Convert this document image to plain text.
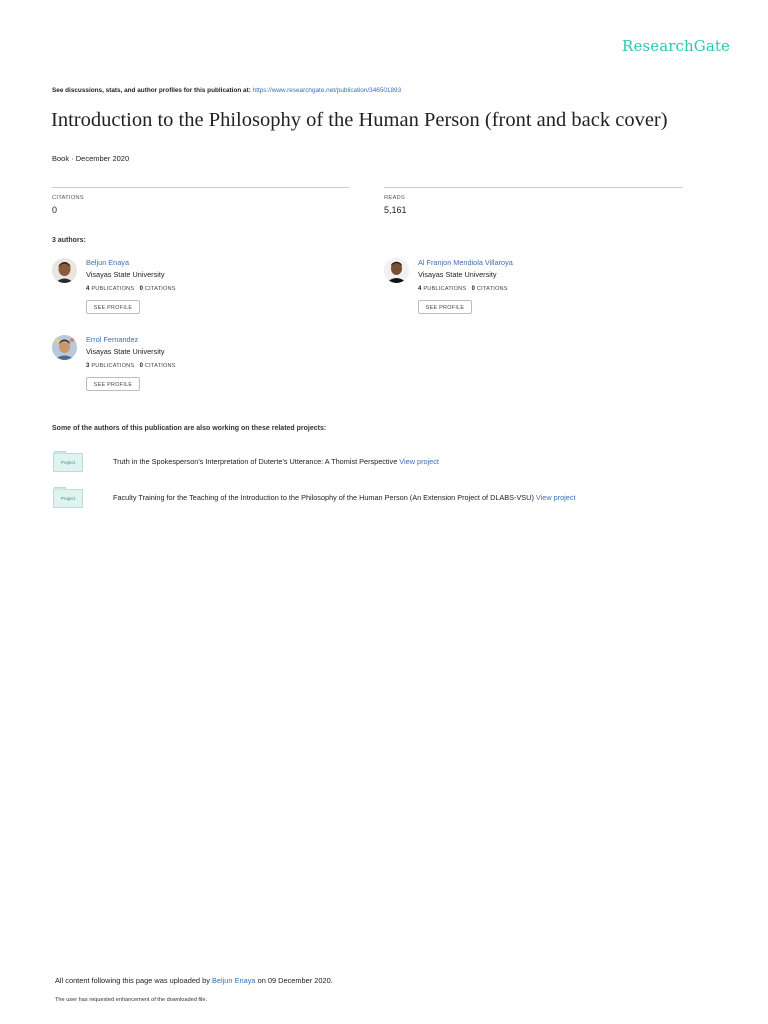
ResearchGate
See discussions, stats, and author profiles for this publication at: https://www.researchgate.net/publication/346501893
Introduction to the Philosophy of the Human Person (front and back cover)
Book · December 2020
CITATIONS
0
READS
5,161
3 authors:
Beljun Enaya
Visayas State University
4 PUBLICATIONS 0 CITATIONS
SEE PROFILE
Al Franjon Mendiola Villaroya
Visayas State University
4 PUBLICATIONS 0 CITATIONS
SEE PROFILE
Errol Fernandez
Visayas State University
3 PUBLICATIONS 0 CITATIONS
SEE PROFILE
Some of the authors of this publication are also working on these related projects:
Project	Truth in the Spokesperson's Interpretation of Duterte's Utterance: A Thomist Perspective View project
Project	Faculty Training for the Teaching of the Introduction to the Philosophy of the Human Person (An Extension Project of DLABS-VSU) View project
All content following this page was uploaded by Beljun Enaya on 09 December 2020.
The user has requested enhancement of the downloaded file.
